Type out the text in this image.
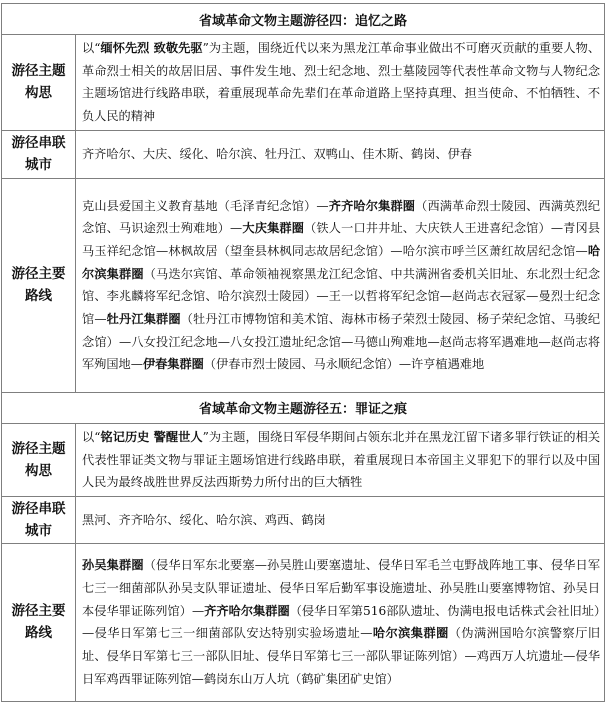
省域革命文物主题游径四：追忆之路	
游径主题构思	以“缅怀先烈 致敬先驱”为主题，围绕近代以来为黑龙江革命事业做出不可磨灭贡献的重要人物、革命烈士相关的故居旧居、事件发生地、烈士纪念地、烈士墓陵园等代表性革命文物与人物纪念主题场馆进行线路串联，着重展现革命先辈们在革命道路上坚持真理、担当使命、不怕牺牲、不负人民的精神
游径串联城市	齐齐哈尔、大庆、绥化、哈尔滨、牡丹江、双鸭山、佳木斯、鹤岗、伊春
游径主要路线	克山县爱国主义教育基地（毛泽青纪念馆）—齐齐哈尔集群圈（西满革命烈士陵园、西满英烈纪念馆、马识途烈士殉难地）—大庆集群圈（铁人一口井井址、大庆铁人王进喜纪念馆）—青冈县马玉祥纪念馆—林枫故居（望奎县林枫同志故居纪念馆）—哈尔滨市呼兰区萧红故居纪念馆—哈尔滨集群圈（马迭尔宾馆、革命领袖视察黑龙江纪念馆、中共满洲省委机关旧址、东北烈士纪念馆、李兆麟将军纪念馆、哈尔滨烈士陵园）—王一以哲将军纪念馆—赵尚志衣冠冢—曼烈士纪念馆—牡丹江集群圈（牡丹江市博物馆和美术馆、海林市杨子荣烈士陵园、杨子荣纪念馆、马骏纪念馆）—八女投江纪念地—八女投江遗址纪念馆—马德山殉难地—赵尚志将军遇难地—赵尚志将军殉国地—伊春集群圈（伊春市烈士陵园、马永顺纪念馆）—许亨植遇难地
省域革命文物主题游径五：罪证之痕	
游径主题构思	以“铭记历史 警醒世人”为主题，围绕日军侵华期间占领东北并在黑龙江留下诸多罪行铁证的相关代表性罪证类文物与罪证主题场馆进行线路串联，着重展现日本帝国主义罪犯下的罪行以及中国人民为最终战胜世界反法西斯势力所付出的巨大牺牲
游径串联城市	黑河、齐齐哈尔、绥化、哈尔滨、鸡西、鹤岗
游径主要路线	孙吴集群圈（侵华日军东北要塞—孙吴胜山要塞遗址、侵华日军毛兰屯野战阵地工事、侵华日军七三一细菌部队孙吴支队罪证遗址、侵华日军后勤军事设施遗址、孙吴胜山要塞博物馆、孙吴日本侵华罪证陈列馆）—齐齐哈尔集群圈（侵华日军第516部队遗址、伪满电报电话株式会社旧址）—侵华日军第七三一细菌部队安达特别实验场遗址—哈尔滨集群圈（伪满洲国哈尔滨警察厅旧址、侵华日军第七三一部队旧址、侵华日军第七三一部队罪证陈列馆）—鸡西万人坑遗址—侵华日军鸡西罪证陈列馆—鹤岗东山万人坑（鹤矿集团矿史馆）
